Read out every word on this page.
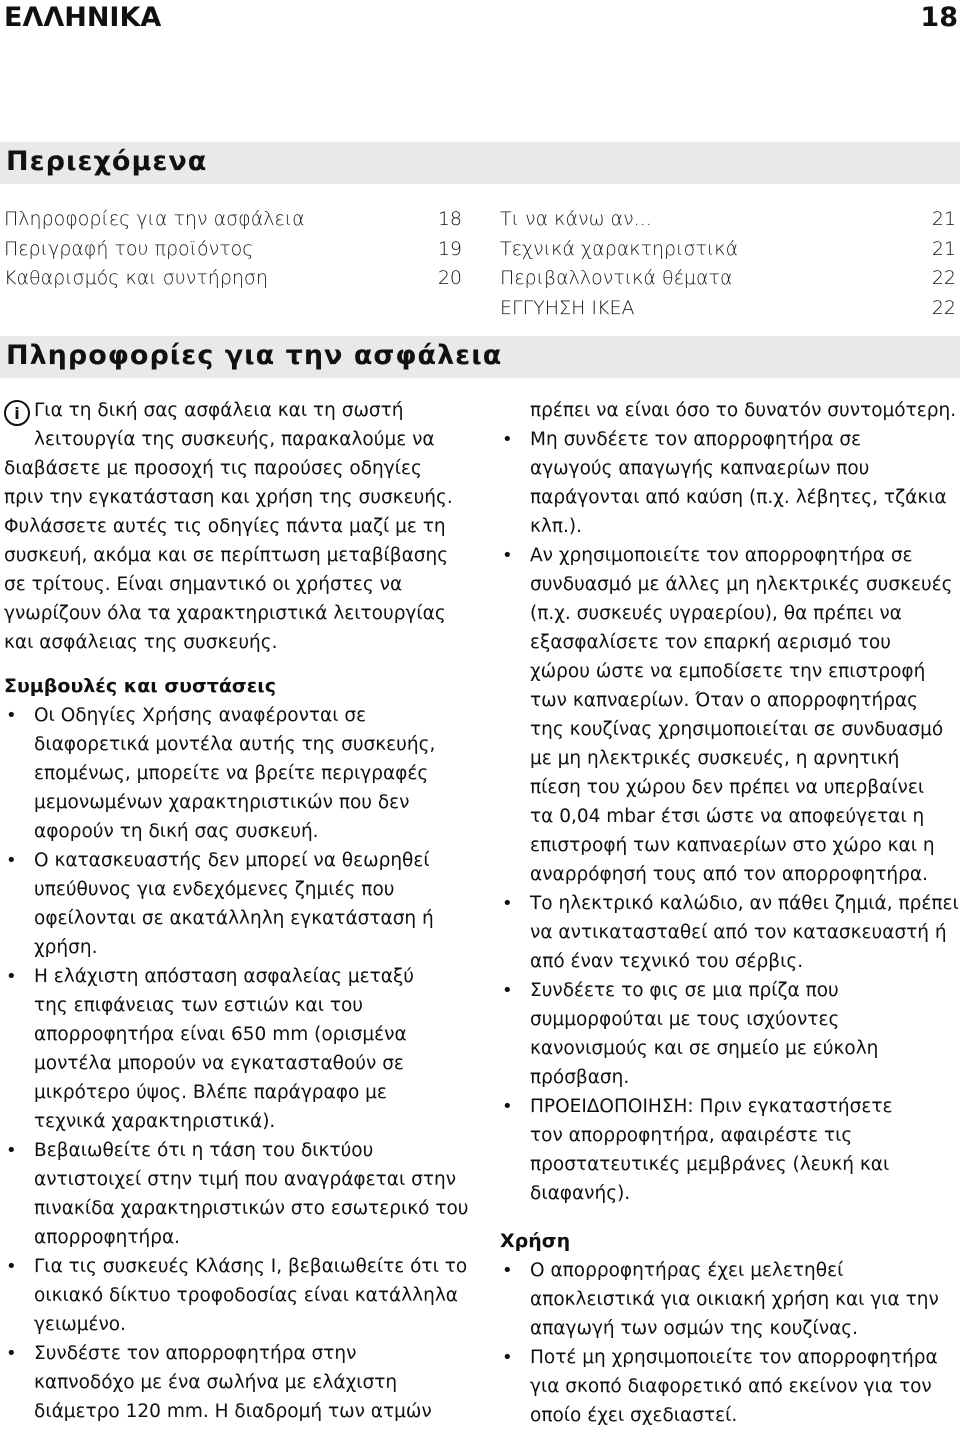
ΕΛΛΗΝΙΚΑ	18
Περιεχόμενα
Πληροφορίες για την ασφάλεια	18
Περιγραφή του προϊόντος	19
Καθαρισμός και συντήρηση	20
Τι να κάνω αν...	21
Τεχνικά χαρακτηριστικά	21
Περιβαλλοντικά θέματα	22
ΕΓΓΥΗΣΗ ΙΚΕΑ	22
Πληροφορίες για την ασφάλεια
i Για τη δική σας ασφάλεια και τη σωστή
λειτουργία της συσκευής, παρακαλούμε να
διαβάσετε με προσοχή τις παρούσες οδηγίες
πριν την εγκατάσταση και χρήση της συσκευής.
Φυλάσσετε αυτές τις οδηγίες πάντα μαζί με τη
συσκευή, ακόμα και σε περίπτωση μεταβίβασης
σε τρίτους. Είναι σημαντικό οι χρήστες να
γνωρίζουν όλα τα χαρακτηριστικά λειτουργίας
και ασφάλειας της συσκευής.
Συμβουλές και συστάσεις
• Οι Οδηγίες Χρήσης αναφέρονται σε
διαφορετικά μοντέλα αυτής της συσκευής,
επομένως, μπορείτε να βρείτε περιγραφές
μεμονωμένων χαρακτηριστικών που δεν
αφορούν τη δική σας συσκευή.
• Ο κατασκευαστής δεν μπορεί να θεωρηθεί
υπεύθυνος για ενδεχόμενες ζημιές που
οφείλονται σε ακατάλληλη εγκατάσταση ή
χρήση.
• Η ελάχιστη απόσταση ασφαλείας μεταξύ
της επιφάνειας των εστιών και του
απορροφητήρα είναι 650 mm (ορισμένα
μοντέλα μπορούν να εγκατασταθούν σε
μικρότερο ύψος. Βλέπε παράγραφο με
τεχνικά χαρακτηριστικά).
• Βεβαιωθείτε ότι η τάση του δικτύου
αντιστοιχεί στην τιμή που αναγράφεται στην
πινακίδα χαρακτηριστικών στο εσωτερικό του
απορροφητήρα.
• Για τις συσκευές Κλάσης I, βεβαιωθείτε ότι το
οικιακό δίκτυο τροφοδοσίας είναι κατάλληλα
γειωμένο.
• Συνδέστε τον απορροφητήρα στην
καπνοδόχο με ένα σωλήνα με ελάχιστη
διάμετρο 120 mm. Η διαδρομή των ατμών
πρέπει να είναι όσο το δυνατόν συντομότερη.
• Μη συνδέετε τον απορροφητήρα σε
αγωγούς απαγωγής καπναερίων που
παράγονται από καύση (π.χ. λέβητες, τζάκια
κλπ.).
• Αν χρησιμοποιείτε τον απορροφητήρα σε
συνδυασμό με άλλες μη ηλεκτρικές συσκευές
(π.χ. συσκευές υγραερίου), θα πρέπει να
εξασφαλίσετε τον επαρκή αερισμό του
χώρου ώστε να εμποδίσετε την επιστροφή
των καπναερίων. Όταν ο απορροφητήρας
της κουζίνας χρησιμοποιείται σε συνδυασμό
με μη ηλεκτρικές συσκευές, η αρνητική
πίεση του χώρου δεν πρέπει να υπερβαίνει
τα 0,04 mbar έτσι ώστε να αποφεύγεται η
επιστροφή των καπναερίων στο χώρο και η
αναρρόφησή τους από τον απορροφητήρα.
• Το ηλεκτρικό καλώδιο, αν πάθει ζημιά, πρέπει
να αντικατασταθεί από τον κατασκευαστή ή
από έναν τεχνικό του σέρβις.
• Συνδέετε το φις σε μια πρίζα που
συμμορφούται με τους ισχύοντες
κανονισμούς και σε σημείο με εύκολη
πρόσβαση.
• ΠΡΟΕΙΔΟΠΟΙΗΣΗ: Πριν εγκαταστήσετε
τον απορροφητήρα, αφαιρέστε τις
προστατευτικές μεμβράνες (λευκή και
διαφανής).
Χρήση
• Ο απορροφητήρας έχει μελετηθεί
αποκλειστικά για οικιακή χρήση και για την
απαγωγή των οσμών της κουζίνας.
• Ποτέ μη χρησιμοποιείτε τον απορροφητήρα
για σκοπό διαφορετικό από εκείνον για τον
οποίο έχει σχεδιαστεί.
